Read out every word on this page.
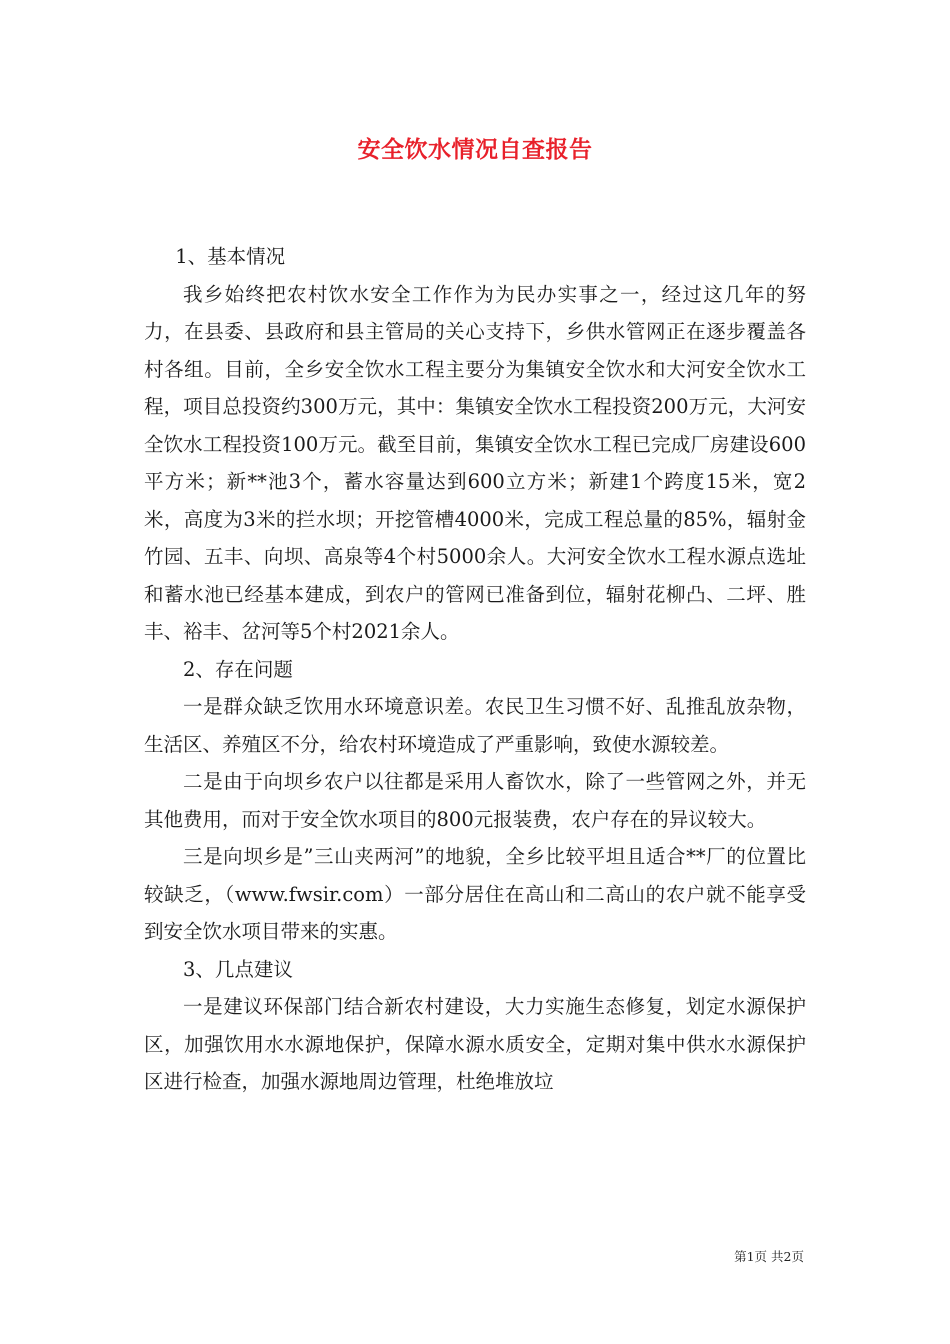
安全饮水情况自查报告

1、基本情况

我乡始终把农村饮水安全工作作为为民办实事之一，经过这几年的努力，在县委、县政府和县主管局的关心支持下，乡供水管网正在逐步覆盖各村各组。目前，全乡安全饮水工程主要分为集镇安全饮水和大河安全饮水工程，项目总投资约300万元，其中：集镇安全饮水工程投资200万元，大河安全饮水工程投资100万元。截至目前，集镇安全饮水工程已完成厂房建设600平方米；新**池3个，蓄水容量达到600立方米；新建1个跨度15米，宽2米，高度为3米的拦水坝；开挖管槽4000米，完成工程总量的85%，辐射金竹园、五丰、向坝、高泉等4个村5000余人。大河安全饮水工程水源点选址和蓄水池已经基本建成，到农户的管网已准备到位，辐射花柳凸、二坪、胜丰、裕丰、岔河等5个村2021余人。

2、存在问题

一是群众缺乏饮用水环境意识差。农民卫生习惯不好、乱推乱放杂物，生活区、养殖区不分，给农村环境造成了严重影响，致使水源较差。

二是由于向坝乡农户以往都是采用人畜饮水，除了一些管网之外，并无其他费用，而对于安全饮水项目的800元报装费，农户存在的异议较大。

三是向坝乡是”三山夹两河”的地貌，全乡比较平坦且适合**厂的位置比较缺乏，（www.fwsir.com）一部分居住在高山和二高山的农户就不能享受到安全饮水项目带来的实惠。

3、几点建议

一是建议环保部门结合新农村建设，大力实施生态修复，划定水源保护区，加强饮用水水源地保护，保障水源水质安全，定期对集中供水水源保护区进行检查，加强水源地周边管理，杜绝堆放垃

第1页 共2页
